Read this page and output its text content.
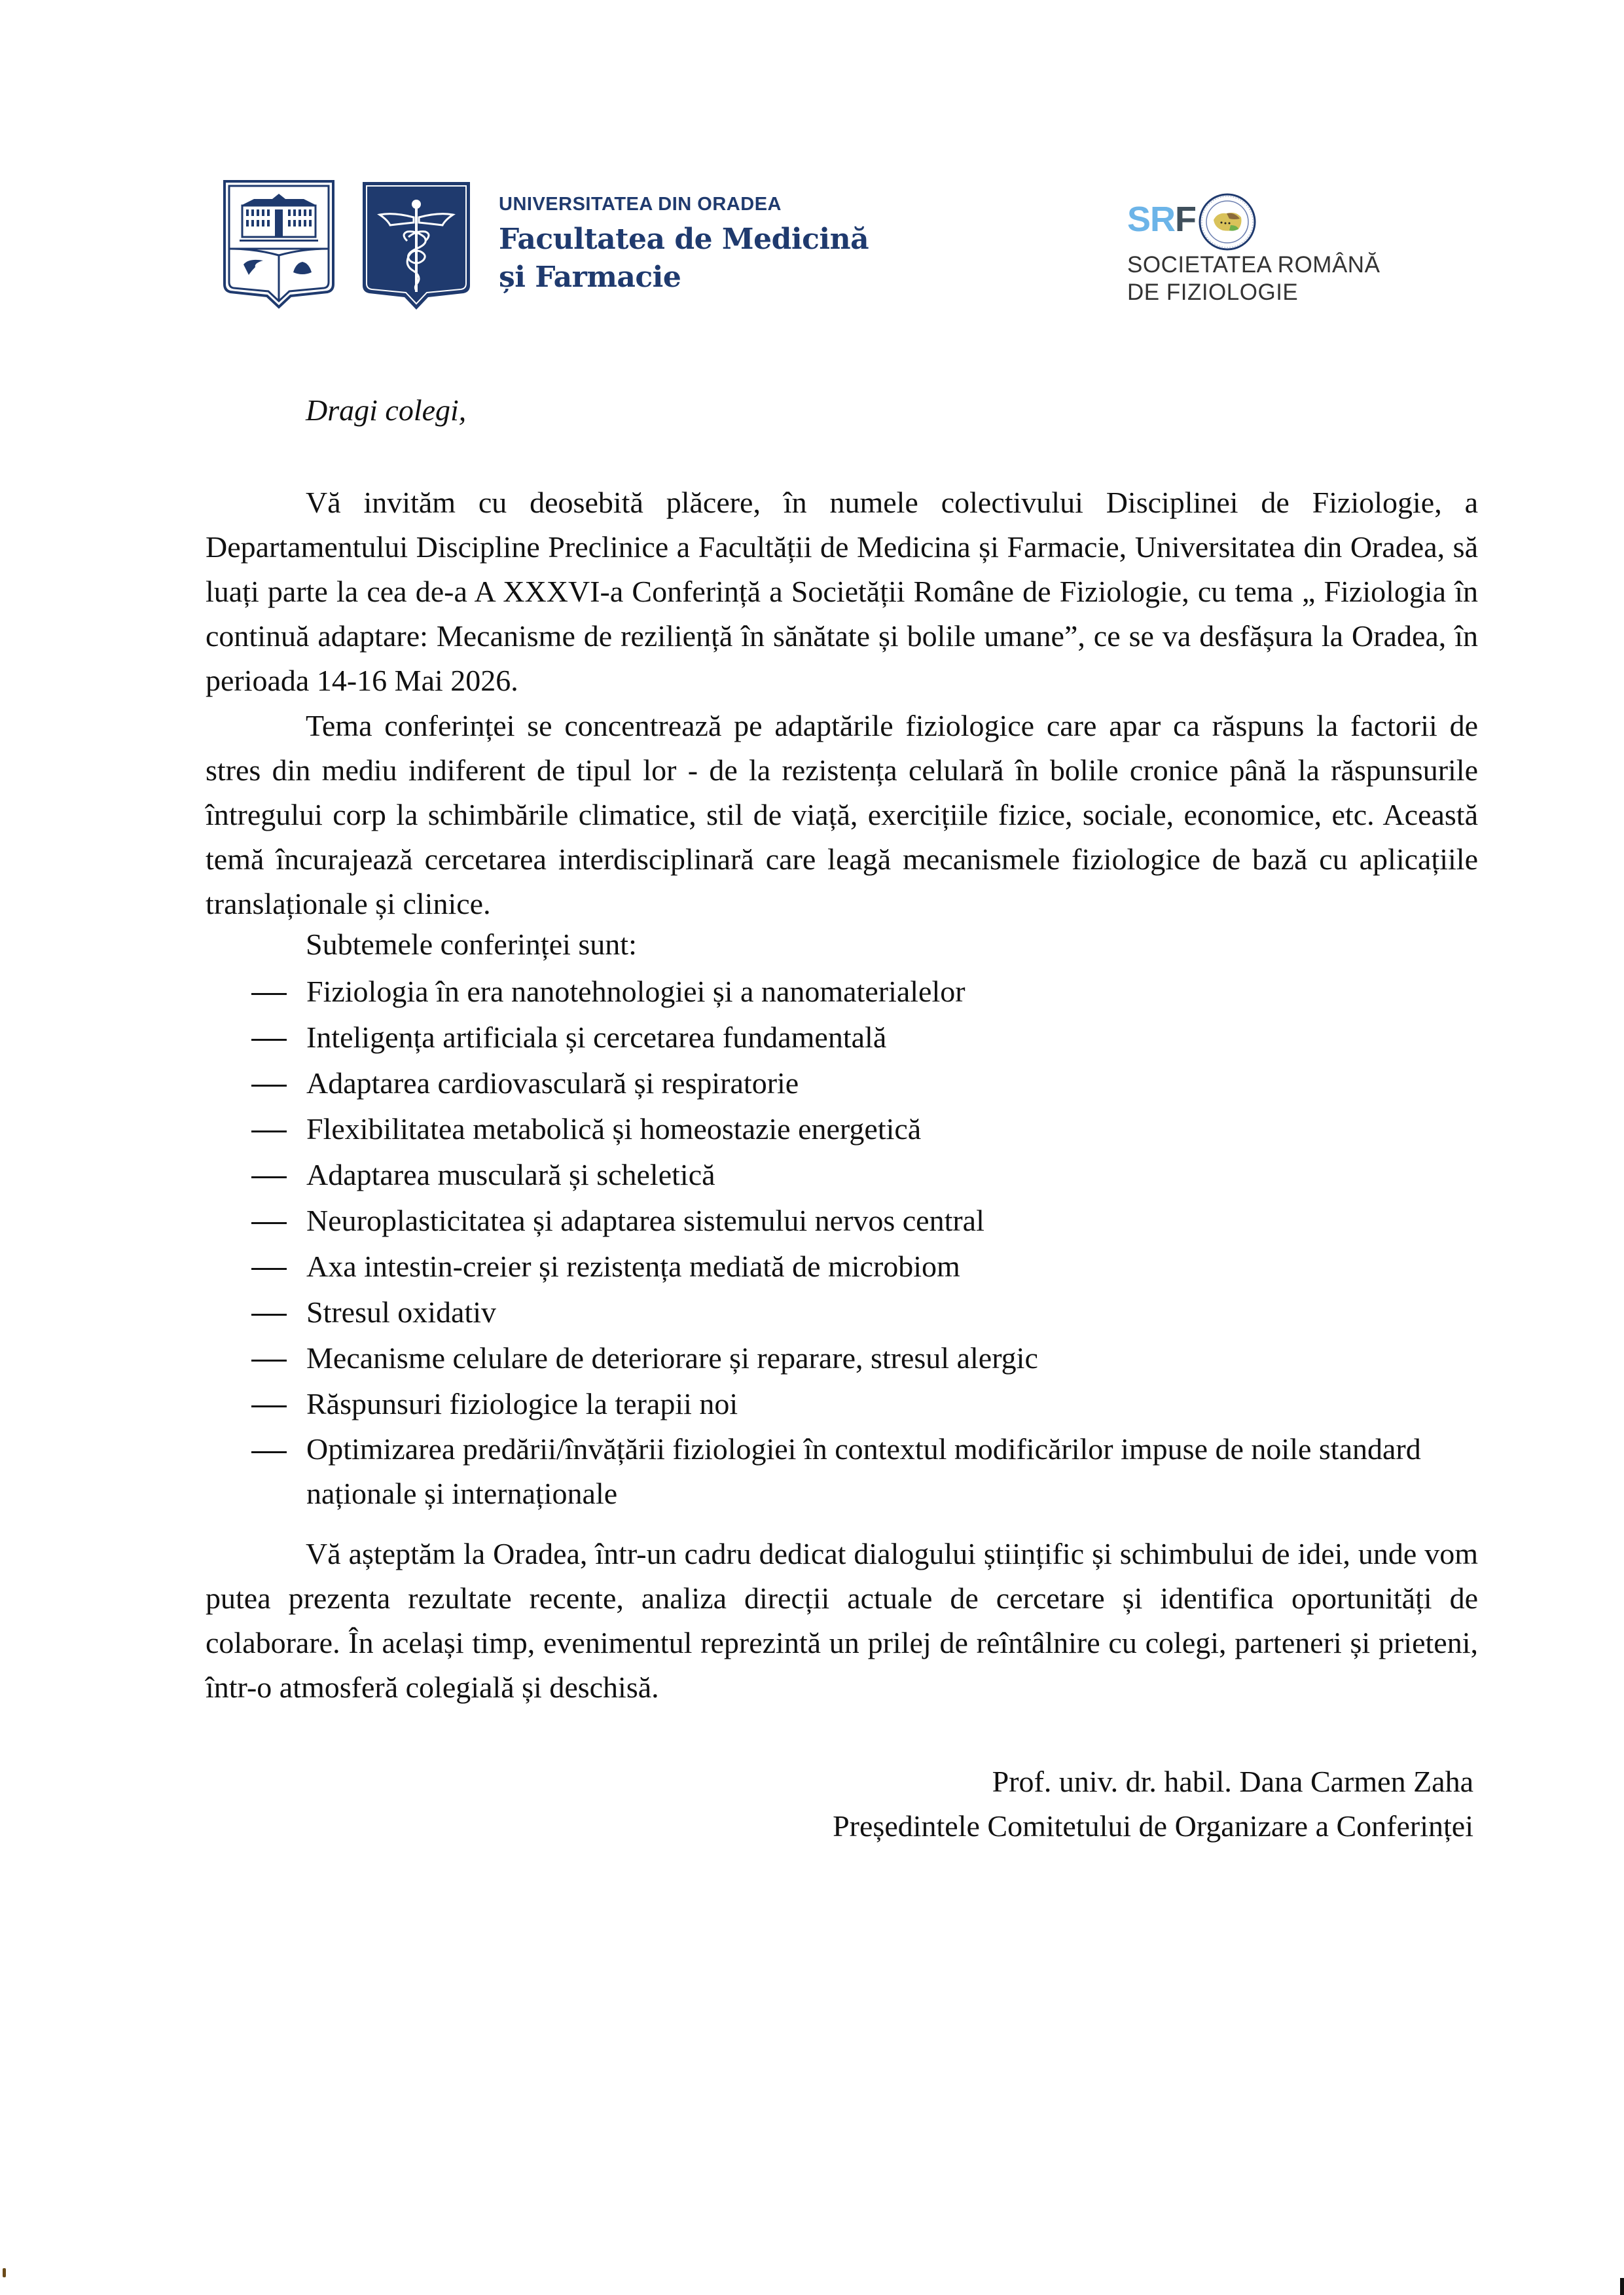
UNIVERSITATEA DIN ORADEA
Facultatea de Medicină
și Farmacie
SRF
SOCIETATEA ROMÂNĂ
DE FIZIOLOGIE
Dragi colegi,
Vă invităm cu deosebită plăcere, în numele colectivului Disciplinei de Fiziologie, a Departamentului Discipline Preclinice a Facultății de Medicina și Farmacie, Universitatea din Oradea, să luați parte la cea de-a A XXXVI-a Conferință a Societății Române de Fiziologie, cu tema „ Fiziologia în continuă adaptare: Mecanisme de reziliență în sănătate și bolile umane”, ce se va desfășura la Oradea, în perioada 14-16 Mai 2026.
Tema conferinței se concentrează pe adaptările fiziologice care apar ca răspuns la factorii de stres din mediu indiferent de tipul lor - de la rezistența celulară în bolile cronice până la răspunsurile întregului corp la schimbările climatice, stil de viață, exercițiile fizice, sociale, economice, etc. Această temă încurajează cercetarea interdisciplinară care leagă mecanismele fiziologice de bază cu aplicațiile translaționale și clinice.
Subtemele conferinței sunt:
Fiziologia în era nanotehnologiei și a nanomaterialelor
Inteligența artificiala și cercetarea fundamentală
Adaptarea cardiovasculară și respiratorie
Flexibilitatea metabolică și homeostazie energetică
Adaptarea musculară și scheletică
Neuroplasticitatea și adaptarea sistemului nervos central
Axa intestin-creier și rezistența mediată de microbiom
Stresul oxidativ
Mecanisme celulare de deteriorare și reparare, stresul alergic
Răspunsuri fiziologice la terapii noi
Optimizarea predării/învățării fiziologiei în contextul modificărilor impuse de noile standard naționale și internaționale
Vă așteptăm la Oradea, într-un cadru dedicat dialogului științific și schimbului de idei, unde vom putea prezenta rezultate recente, analiza direcții actuale de cercetare și identifica oportunități de colaborare. În același timp, evenimentul reprezintă un prilej de reîntâlnire cu colegi, parteneri și prieteni, într-o atmosferă colegială și deschisă.
Prof. univ. dr. habil. Dana Carmen Zaha
Președintele Comitetului de Organizare a Conferinței
